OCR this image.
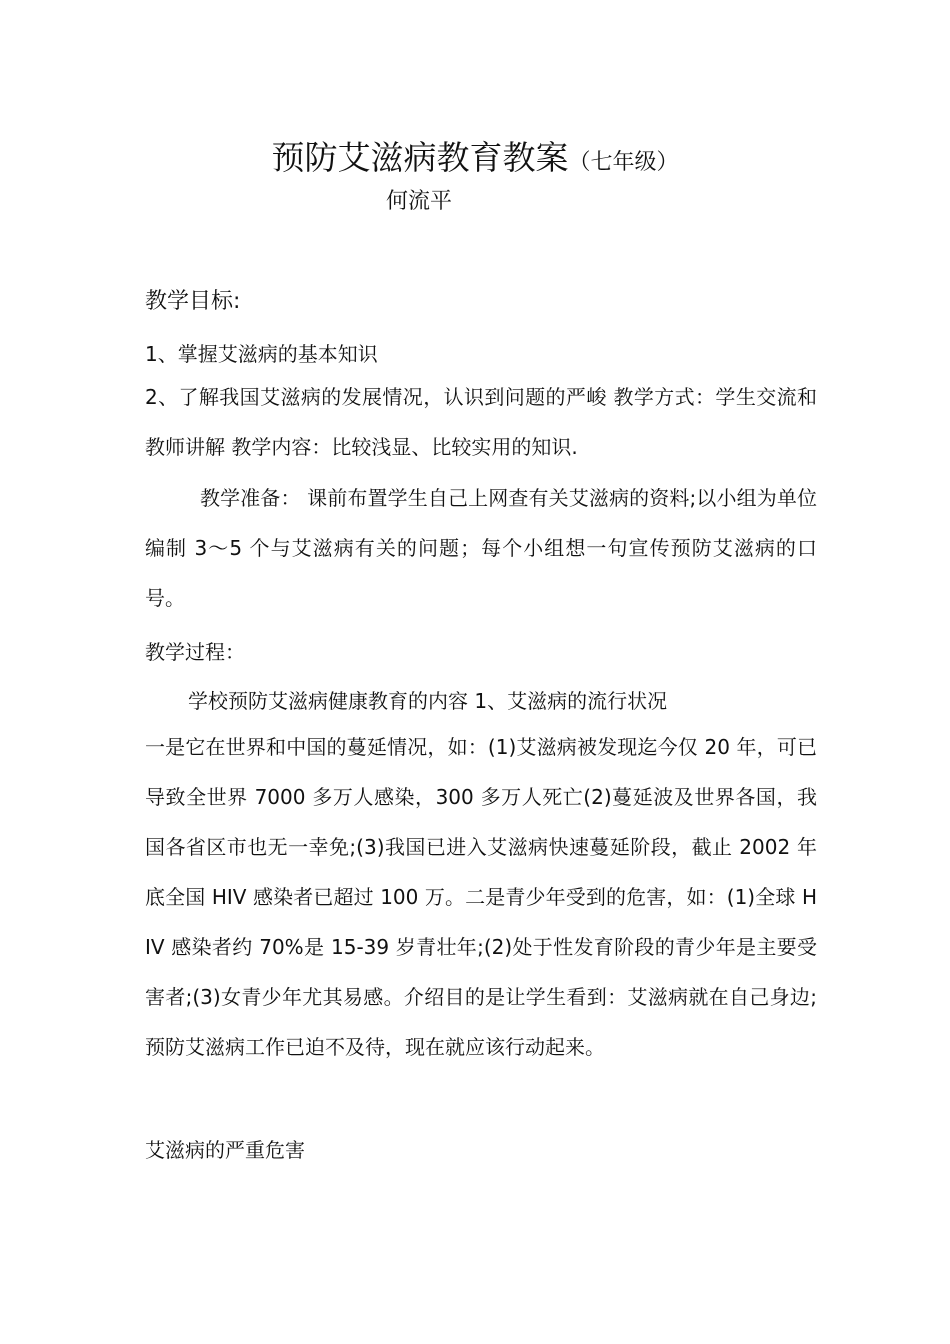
预防艾滋病教育教案（七年级）
何流平
教学目标:
1、掌握艾滋病的基本知识
2、了解我国艾滋病的发展情况，认识到问题的严峻 教学方式：学生交流和教师讲解 教学内容：比较浅显、比较实用的知识.
教学准备： 课前布置学生自己上网查有关艾滋病的资料;以小组为单位编制 3～5 个与艾滋病有关的问题；每个小组想一句宣传预防艾滋病的口号。
教学过程：
学校预防艾滋病健康教育的内容 1、艾滋病的流行状况
一是它在世界和中国的蔓延情况，如：(1)艾滋病被发现迄今仅 20 年，可已导致全世界 7000 多万人感染，300 多万人死亡(2)蔓延波及世界各国，我国各省区市也无一幸免;(3)我国已进入艾滋病快速蔓延阶段，截止 2002 年底全国 HIV 感染者已超过 100 万。二是青少年受到的危害，如：(1)全球 HIV 感染者约 70%是 15-39 岁青壮年;(2)处于性发育阶段的青少年是主要受害者;(3)女青少年尤其易感。介绍目的是让学生看到：艾滋病就在自己身边;预防艾滋病工作已迫不及待，现在就应该行动起来。
艾滋病的严重危害
